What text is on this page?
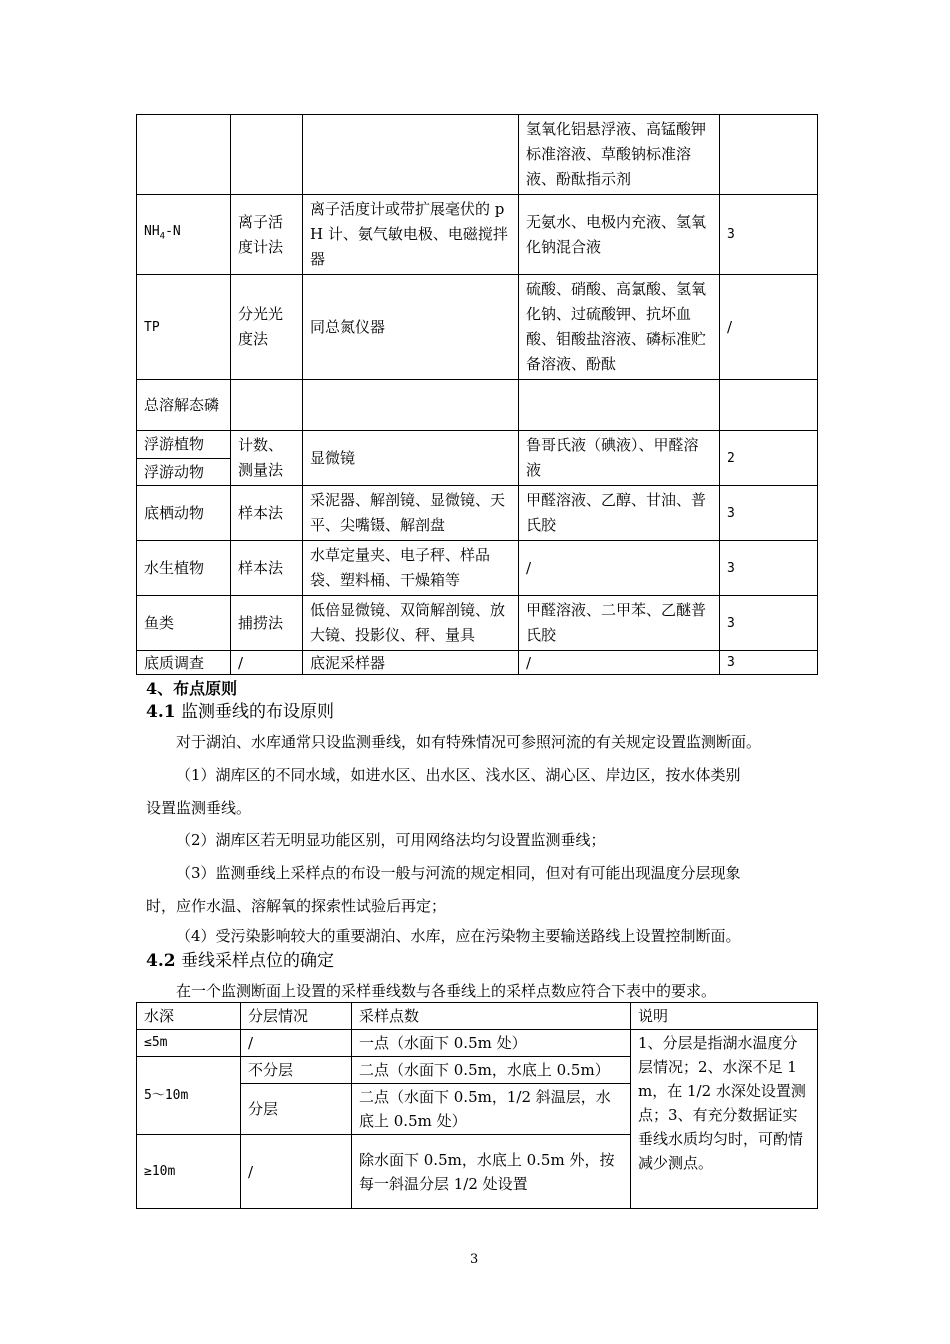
			氢氧化铝悬浮液、高锰酸钾标准溶液、草酸钠标准溶液、酚酞指示剂	
$NH_4-N$	离子活度计法	离子活度计或带扩展毫伏的 pH 计、氨气敏电极、电磁搅拌器	无氨水、电极内充液、氢氧化钠混合液	3
TP	分光光度法	同总氮仪器	硫酸、硝酸、高氯酸、氢氧化钠、过硫酸钾、抗坏血酸、钼酸盐溶液、磷标准贮备溶液、酚酞	/
总溶解态磷				
浮游植物	计数、测量法	显微镜	鲁哥氏液（碘液）、甲醛溶液	2
浮游动物				
底栖动物	样本法	采泥器、解剖镜、显微镜、天平、尖嘴镊、解剖盘	甲醛溶液、乙醇、甘油、普氏胶	3
水生植物	样本法	水草定量夹、电子秤、样品袋、塑料桶、干燥箱等	/	3
鱼类	捕捞法	低倍显微镜、双筒解剖镜、放大镜、投影仪、秤、量具	甲醛溶液、二甲苯、乙醚普氏胶	3
底质调查	/	底泥采样器	/	3
4、布点原则
4.1 监测垂线的布设原则
对于湖泊、水库通常只设监测垂线，如有特殊情况可参照河流的有关规定设置监测断面。
（1）湖库区的不同水域，如进水区、出水区、浅水区、湖心区、岸边区，按水体类别
设置监测垂线。
（2）湖库区若无明显功能区别，可用网络法均匀设置监测垂线；
（3）监测垂线上采样点的布设一般与河流的规定相同，但对有可能出现温度分层现象
时，应作水温、溶解氧的探索性试验后再定；
（4）受污染影响较大的重要湖泊、水库，应在污染物主要输送路线上设置控制断面。
4.2 垂线采样点位的确定
在一个监测断面上设置的采样垂线数与各垂线上的采样点数应符合下表中的要求。
水深	分层情况	采样点数	说明
≤5m	/	一点（水面下 0.5m 处）	1、分层是指湖水温度分层情况；2、水深不足 1m，在 1/2 水深处设置测点；3、有充分数据证实垂线水质均匀时，可酌情减少测点。
5～10m	不分层	二点（水面下 0.5m，水底上 0.5m）	
	分层	二点（水面下 0.5m，1/2 斜温层，水底上 0.5m 处）	
≥10m	/	除水面下 0.5m，水底上 0.5m 外，按每一斜温分层 1/2 处设置	
3
